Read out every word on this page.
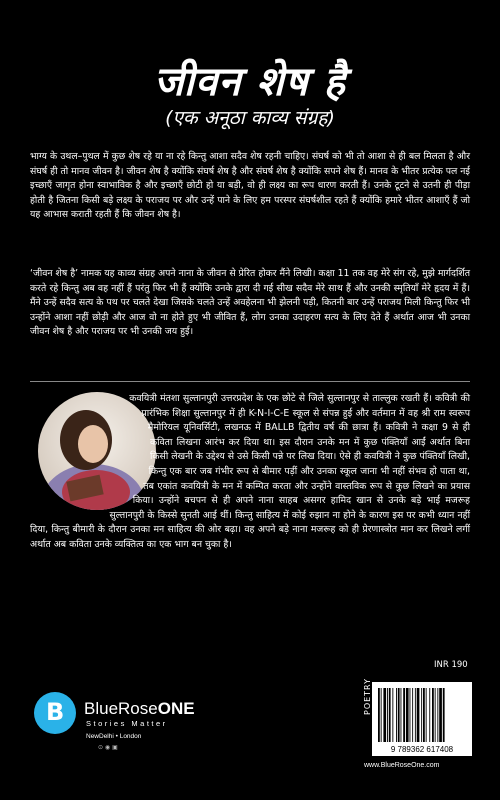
जीवन शेष है
(एक अनूठा काव्य संग्रह)

भाग्य के उथल–पुथल में कुछ शेष रहे या ना रहे किन्तु आशा सदैव शेष रहनी चाहिए। संघर्ष को भी तो आशा से ही बल मिलता है और संघर्ष ही तो मानव जीवन है। जीवन शेष है क्योंकि संघर्ष शेष है और संघर्ष शेष है क्योंकि सपने शेष हैं। मानव के भीतर प्रत्येक पल नई इच्छाएँ जागृत होना स्वाभाविक है और इच्छाएँ छोटी हो या बड़ी, वो ही लक्ष्य का रूप धारण करती हैं। उनके टूटने से उतनी ही पीड़ा होती है जितना किसी बड़े लक्ष्य के पराजय पर और उन्हें पाने के लिए हम परस्पर संघर्षशील रहते हैं क्योंकि हमारे भीतर आशाएँ हैं जो यह आभास कराती रहती हैं कि जीवन शेष है।

‘जीवन शेष है’ नामक यह काव्य संग्रह अपने नाना के जीवन से प्रेरित होकर मैंने लिखी। कक्षा 11 तक वह मेरे संग रहे, मुझे मार्गदर्शित करते रहे किन्तु अब वह नहीं हैं परंतु फिर भी हैं क्योंकि उनके द्वारा दी गई सीख सदैव मेरे साथ हैं और उनकी स्मृतियाँ मेरे हृदय में हैं। मैंने उन्हें सदैव सत्य के पथ पर चलते देखा जिसके चलते उन्हें अवहेलना भी झेलनी पड़ी, कितनी बार उन्हें पराजय मिली किन्तु फिर भी उन्होंने आशा नहीं छोड़ी और आज वो ना होते हुए भी जीवित हैं, लोग उनका उदाहरण सत्य के लिए देते हैं अर्थात आज भी उनका जीवन शेष है और पराजय पर भी उनकी जय हुई।

कवयित्री मंतशा सुल्तानपुरी उत्तरप्रदेश के एक छोटे से जिले सुल्तानपुर से ताल्लुक रखती हैं। कवित्री की प्रारंभिक शिक्षा सुल्तानपुर में ही K-N-I-C-E स्कूल से संपन्न हुई और वर्तमान में वह श्री राम स्वरूप मैमोरियल यूनिवर्सिटी, लखनऊ में BALLB द्वितीय वर्ष की छात्रा हैं। कवित्री ने कक्षा 9 से ही कविता लिखना आरंभ कर दिया था। इस दौरान उनके मन में कुछ पंक्तियाँ आईं अर्थात बिना किसी लेखनी के उद्देश्य से उसे किसी पन्ने पर लिख दिया। ऐसे ही कवयित्री ने कुछ पंक्तियाँ लिखी, किन्तु एक बार जब गंभीर रूप से बीमार पड़ीं और उनका स्कूल जाना भी नहीं संभव हो पाता था, तब एकांत कवयित्री के मन में कम्पित करता और उन्होंने वास्तविक रूप से कुछ लिखने का प्रयास किया। उन्होंने बचपन से ही अपने नाना साहब असगर हामिद खान से उनके बड़े भाई मजरूह सुल्तानपुरी के किस्से सुनती आई थीं। किन्तु साहित्य में कोई रुझान ना होने के कारण इस पर कभी ध्यान नहीं दिया, किन्तु बीमारी के दौरान उनका मन साहित्य की ओर बढ़ा। वह अपने बड़े नाना मजरूह को ही प्रेरणास्त्रोत मान कर लिखने लगीं अर्थात अब कविता उनके व्यक्तित्व का एक भाग बन चुका है।

INR 190
POETRY
B BlueRoseONE
Stories Matter
NewDelhi • London
⊙ ◉ ▣	9 789362 617408
www.BlueRoseOne.com
